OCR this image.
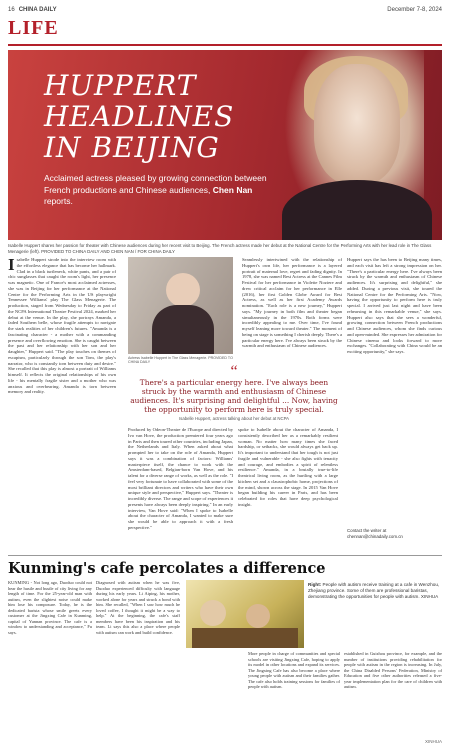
16 CHINA DAILY	December 7-8, 2024
LIFE
HUPPERT HEADLINES IN BEIJING
Acclaimed actress pleased by growing connection between French productions and Chinese audiences, Chen Nan reports.
Isabelle Huppert shares her passion for theater with Chinese audiences during her recent visit to Beijing. The French actress made her debut at the National Centre for the Performing Arts with her lead role in The Glass Menagerie (left). PROVIDED TO CHINA DAILY AND CHEN NAN / FOR CHINA DAILY
I sabelle Huppert strode into the interview room with the effortless elegance that has become her hallmark. Clad in a black turtleneck, white pants, and a pair of chic sunglasses that caught the room's light, her presence was magnetic. One of France's most acclaimed actresses, she was in Beijing for her performance at the National Centre for the Performing Arts in the US playwright Tennessee Williams' play The Glass Menagerie. The production, staged from Wednesday to Friday as part of the NCPA International Theatre Festival 2024, marked her debut at the venue. In the play, she portrays Amanda, a faded Southern belle, whose fragile attempts to navigate the stark realities of her children's futures. "Amanda is a fascinating character - a mother with a commanding presence and overflowing emotion. She is caught between the past and her relationship with her son and her daughter," Huppert said. "The play touches on themes of escapism, particularly through the son Tom, the play's narrator, who is constantly torn between duty and desire." She recalled that this play is almost a portrait of Williams himself. It reflects the original relationships of his own life - his mentally fragile sister and a mother who was anxious and overbearing. Amanda is torn between memory and reality.
Actress Isabelle Huppert in The Glass Menagerie. PROVIDED TO CHINA DAILY
“
There's a particular energy here. I've always been struck by the warmth and enthusiasm of Chinese audiences. It's surprising and delightful ... Now, having the opportunity to perform here is truly special.
Isabelle Huppert, actress talking about her debut at NCPA
Produced by Odeon-Theatre de l'Europe and directed by Ivo van Hove, the production premiered four years ago in Paris and then toured other countries, including Japan, the Netherlands and Italy. When asked about what prompted her to take on the role of Amanda, Huppert says it was a combination of factors: Williams' masterpiece itself, the chance to work with the Amsterdam-based, Belgian-born Van Hove, and his talent for a diverse range of works, as well as the role. "I feel very fortunate to have collaborated with some of the most brilliant directors and writers who have their own unique style and perspective," Huppert says. "Theater is incredibly diverse. The range and scope of experiences it presents have always been deeply inspiring." In an early interview, Van Hove said: "When I spoke to Isabelle about the character of Amanda, I wanted to make sure she would be able to approach it with a fresh perspective."
spoke to Isabelle about the character of Amanda, I consistently described her as a remarkably resilient woman. No matter how many times she faced hardship, or setbacks, she would always get back up. It's important to understand that her tough is not just fragile and vulnerable - she also fights with tenacity and courage, and embodies a spirit of relentless resilience." Amanda, in a brutally true-to-life theatrical living room, as the hurtling with a large kitchen set and a claustrophobic home, projections of the mind, shown across the stage. In 2015 Van Hove began building his career in Paris, and has been celebrated for roles that have deep psychological insight.
Seamlessly intertwined with the relationship of Huppert's own life, her performance is a layered portrait of maternal love, regret and fading dignity. In 1978, she was named Best Actress at the Cannes Film Festival for her performance in Violette Noziere and drew critical acclaim for her performance in Elle (2016), her first Golden Globe Award for Best Actress, as well as her first Academy Awards nomination. "Each role is a new journey," Huppert says. "My journey in both film and theater began simultaneously in the 1970s. Both forms were incredibly appealing to me. Over time, I've found myself leaning more toward theater." The moment of being on stage is something I cherish deeply. There's a particular energy here. I've always been struck by the warmth and enthusiasm of Chinese audiences.
Huppert says the has been to Beijing many times, and each visit has left a strong impression on her. "There's a particular energy here. I've always been struck by the warmth and enthusiasm of Chinese audiences. It's surprising and delightful," she added. During a previous visit, she toured the National Centre for the Performing Arts. "Now, having the opportunity to perform here is truly special. I arrived just last night and have been rehearsing in this remarkable venue," she says. Huppert also says that she sees a wonderful, growing connection between French productions and Chinese audiences, whom she finds curious and open-minded. She expresses her admiration for Chinese cinema and looks forward to more exchanges. "Collaborating with China would be an exciting opportunity," she says.
Contact the writer at chennan@chinadaily.com.cn
Kunming's cafe percolates a difference
KUNMING - Not long ago, Duoduo could not hear the hustle and bustle of city living for any length of time. For the 25-year-old man with autism, even the slightest noise could make him lose his composure. Today, he is the dedicated barista whose smile greets every customer at the Jingxing Cafe in Kunming, capital of Yunnan province. The cafe is a window to understanding and acceptance," Fu says.
Diagnosed with autism when he was five, Duoduo experienced difficulty with language during his early years. Li Aiping, his mother, worked alone for years and struck a bond with him. She recalled, "When I saw how much he loved coffee, I thought it might be a way to help." At the beginning, the cafe's staff members have been his inspiration and his team. Li says this also a place where people with autism can work and build confidence.
Right: People with autism receive training at a cafe in Wenzhou, Zhejiang province. Some of them are professional baristas, demonstrating the opportunities for people with autism. XINHUA
More people in charge of communities and special schools are visiting Jingxing Cafe, hoping to apply its model in other locations and expand its services. The Jingxing Cafe has also become a place where young people with autism and their families gather. The cafe also holds training sessions for families of people with autism.
established in Guizhou province, for example, and the number of institutions providing rehabilitation for people with autism in the region is increasing. In July, the China Disabled Persons' Federation, Ministry of Education and five other authorities released a five-year implementation plan for the care of children with autism.
XINHUA
